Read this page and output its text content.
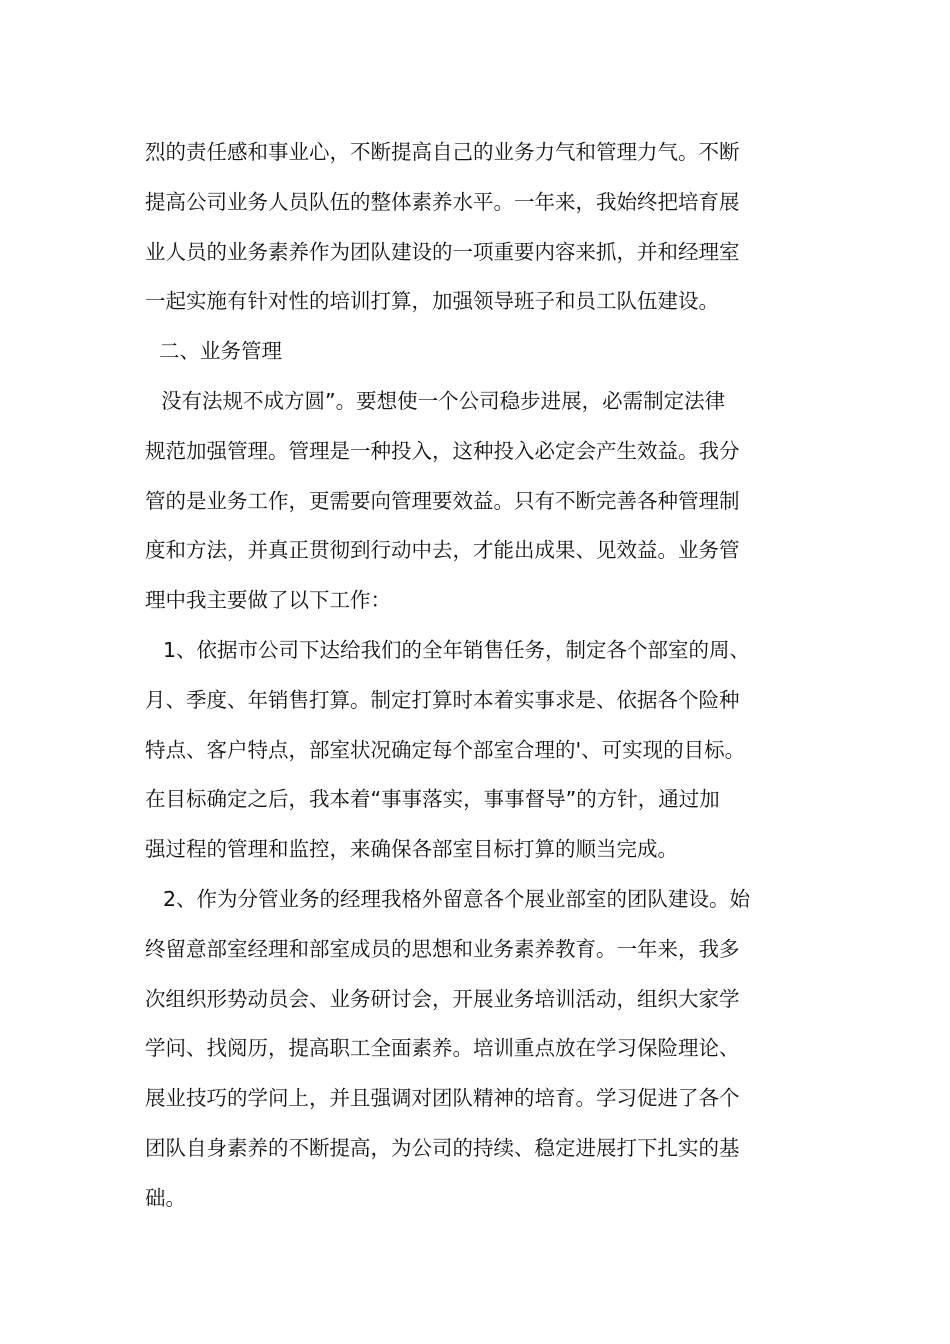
烈的责任感和事业心，不断提高自己的业务力气和管理力气。不断
提高公司业务人员队伍的整体素养水平。一年来，我始终把培育展
业人员的业务素养作为团队建设的一项重要内容来抓，并和经理室
一起实施有针对性的培训打算，加强领导班子和员工队伍建设。
二、业务管理
没有法规不成方圆”。要想使一个公司稳步进展，必需制定法律
规范加强管理。管理是一种投入，这种投入必定会产生效益。我分
管的是业务工作，更需要向管理要效益。只有不断完善各种管理制
度和方法，并真正贯彻到行动中去，才能出成果、见效益。业务管
理中我主要做了以下工作：
1、依据市公司下达给我们的全年销售任务，制定各个部室的周、
月、季度、年销售打算。制定打算时本着实事求是、依据各个险种
特点、客户特点，部室状况确定每个部室合理的'、可实现的目标。
在目标确定之后，我本着“事事落实，事事督导”的方针，通过加
强过程的管理和监控，来确保各部室目标打算的顺当完成。
2、作为分管业务的经理我格外留意各个展业部室的团队建设。始
终留意部室经理和部室成员的思想和业务素养教育。一年来，我多
次组织形势动员会、业务研讨会，开展业务培训活动，组织大家学
学问、找阅历，提高职工全面素养。培训重点放在学习保险理论、
展业技巧的学问上，并且强调对团队精神的培育。学习促进了各个
团队自身素养的不断提高，为公司的持续、稳定进展打下扎实的基
础。
